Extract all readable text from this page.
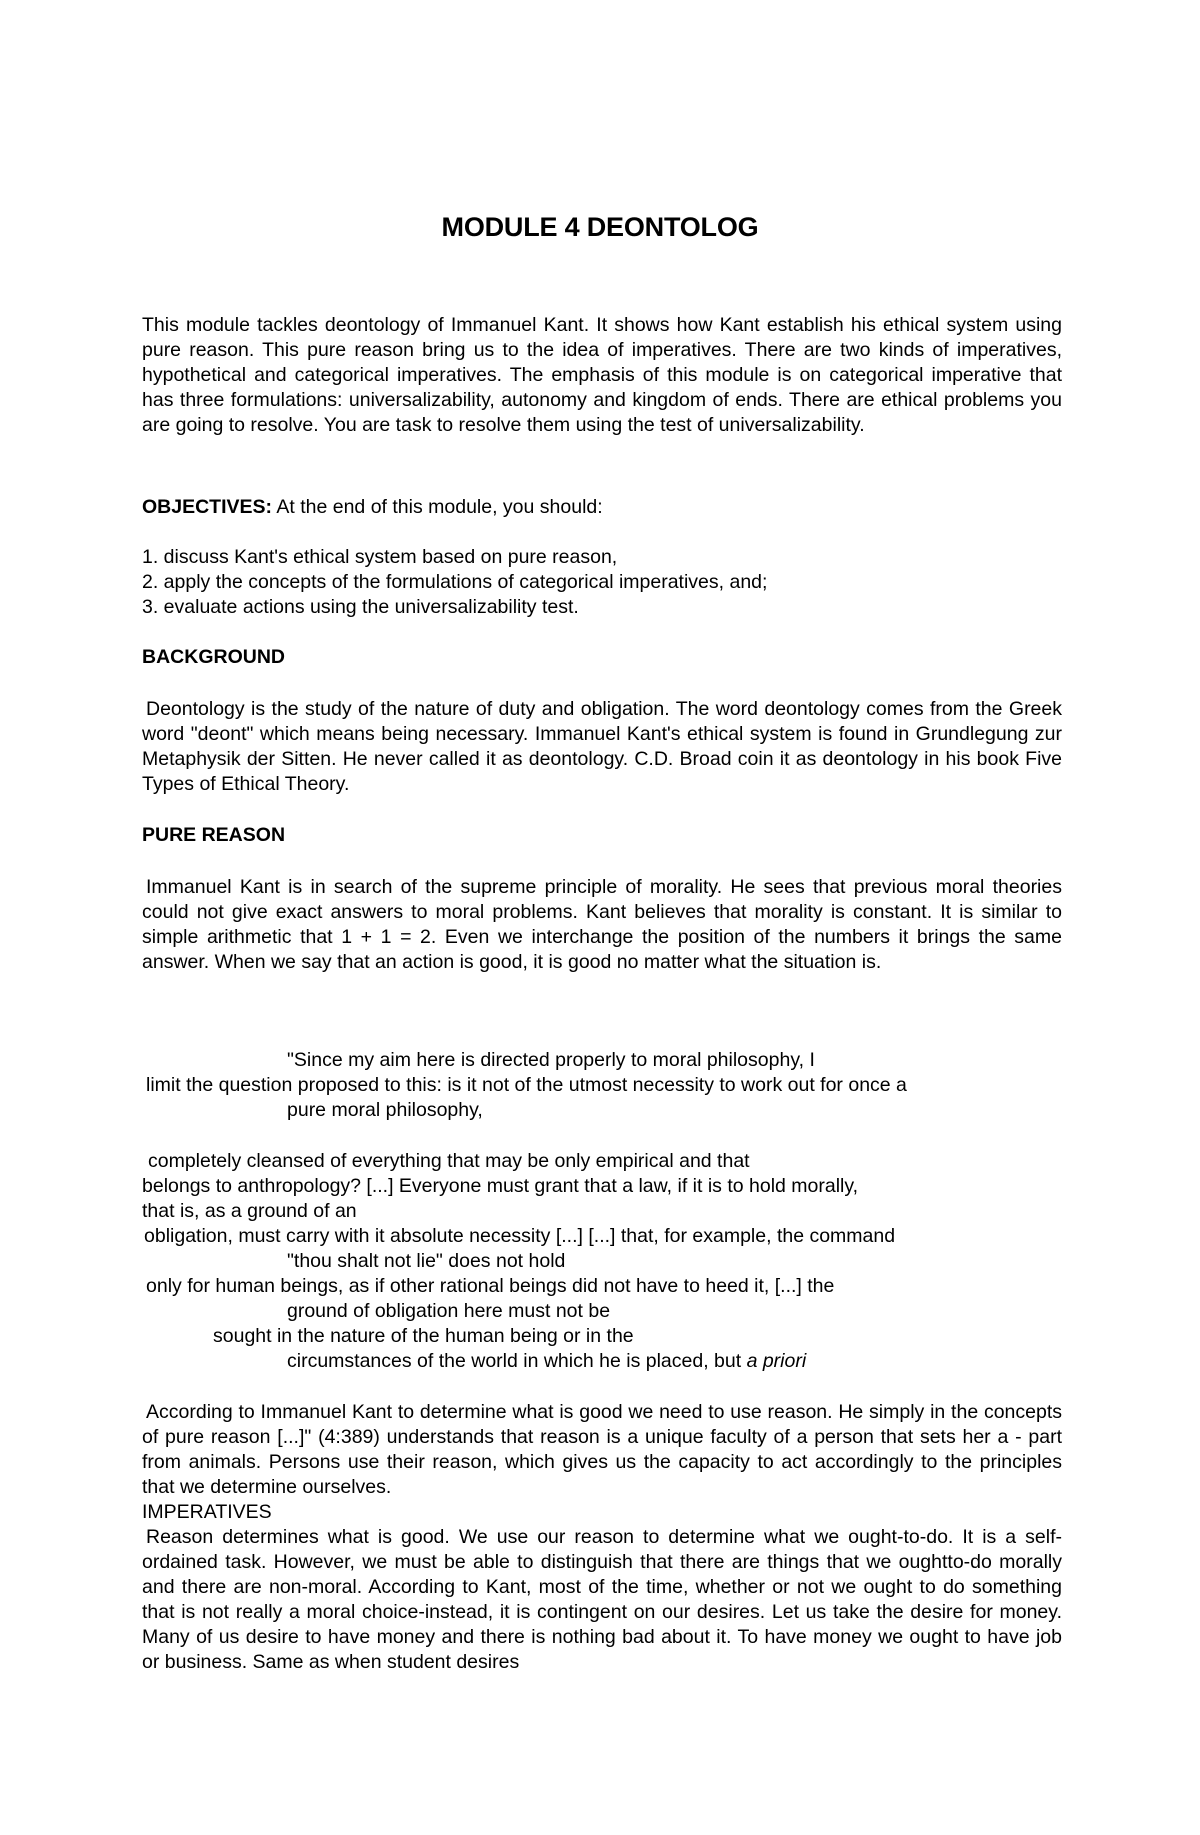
MODULE 4 DEONTOLOG
This module tackles deontology of Immanuel Kant. It shows how Kant establish his ethical system using pure reason. This pure reason bring us to the idea of imperatives. There are two kinds of imperatives, hypothetical and categorical imperatives. The emphasis of this module is on categorical imperative that has three formulations: universalizability, autonomy and kingdom of ends. There are ethical problems you are going to resolve. You are task to resolve them using the test of universalizability.
OBJECTIVES: At the end of this module, you should:
1. discuss Kant's ethical system based on pure reason,
2. apply the concepts of the formulations of categorical imperatives, and;
3. evaluate actions using the universalizability test.
BACKGROUND
Deontology is the study of the nature of duty and obligation. The word deontology comes from the Greek word "deont" which means being necessary. Immanuel Kant's ethical system is found in Grundlegung zur Metaphysik der Sitten. He never called it as deontology. C.D. Broad coin it as deontology in his book Five Types of Ethical Theory.
PURE REASON
Immanuel Kant is in search of the supreme principle of morality. He sees that previous moral theories could not give exact answers to moral problems. Kant believes that morality is constant. It is similar to simple arithmetic that 1 + 1 = 2. Even we interchange the position of the numbers it brings the same answer. When we say that an action is good, it is good no matter what the situation is.
"Since my aim here is directed properly to moral philosophy, I
limit the question proposed to this: is it not of the utmost necessity to work out for once a
pure moral philosophy,
completely cleansed of everything that may be only empirical and that
belongs to anthropology? [...] Everyone must grant that a law, if it is to hold morally,
that is, as a ground of an
obligation, must carry with it absolute necessity [...] [...] that, for example, the command
"thou shalt not lie" does not hold
only for human beings, as if other rational beings did not have to heed it, [...] the
ground of obligation here must not be
sought in the nature of the human being or in the
circumstances of the world in which he is placed, but a priori
According to Immanuel Kant to determine what is good we need to use reason. He simply in the concepts of pure reason [...]" (4:389) understands that reason is a unique faculty of a person that sets her a - part from animals. Persons use their reason, which gives us the capacity to act accordingly to the principles that we determine ourselves.
IMPERATIVES
Reason determines what is good. We use our reason to determine what we ought-to-do. It is a self-ordained task. However, we must be able to distinguish that there are things that we oughtto-do morally and there are non-moral. According to Kant, most of the time, whether or not we ought to do something that is not really a moral choice-instead, it is contingent on our desires. Let us take the desire for money. Many of us desire to have money and there is nothing bad about it. To have money we ought to have job or business. Same as when student desires
